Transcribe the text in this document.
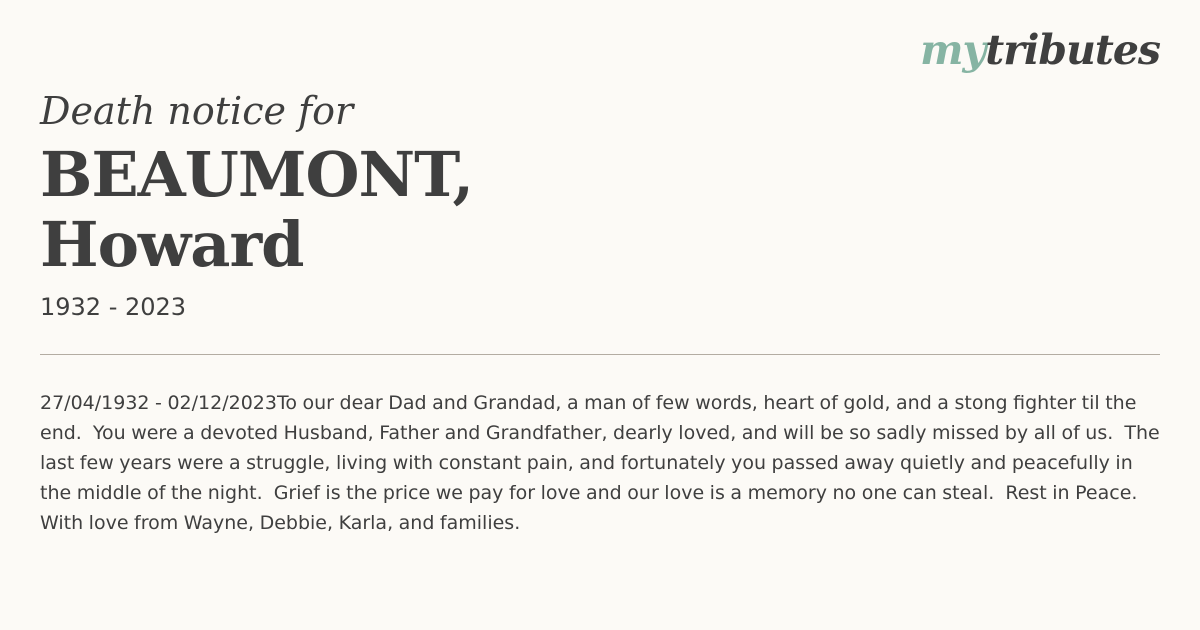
mytributes
Death notice for
BEAUMONT,
Howard
1932 - 2023
27/04/1932 - 02/12/2023To our dear Dad and Grandad, a man of few words, heart of gold, and a stong fighter til the end.  You were a devoted Husband, Father and Grandfather, dearly loved, and will be so sadly missed by all of us.  The last few years were a struggle, living with constant pain, and fortunately you passed away quietly and peacefully in the middle of the night.  Grief is the price we pay for love and our love is a memory no one can steal.  Rest in Peace.  With love from Wayne, Debbie, Karla, and families.
